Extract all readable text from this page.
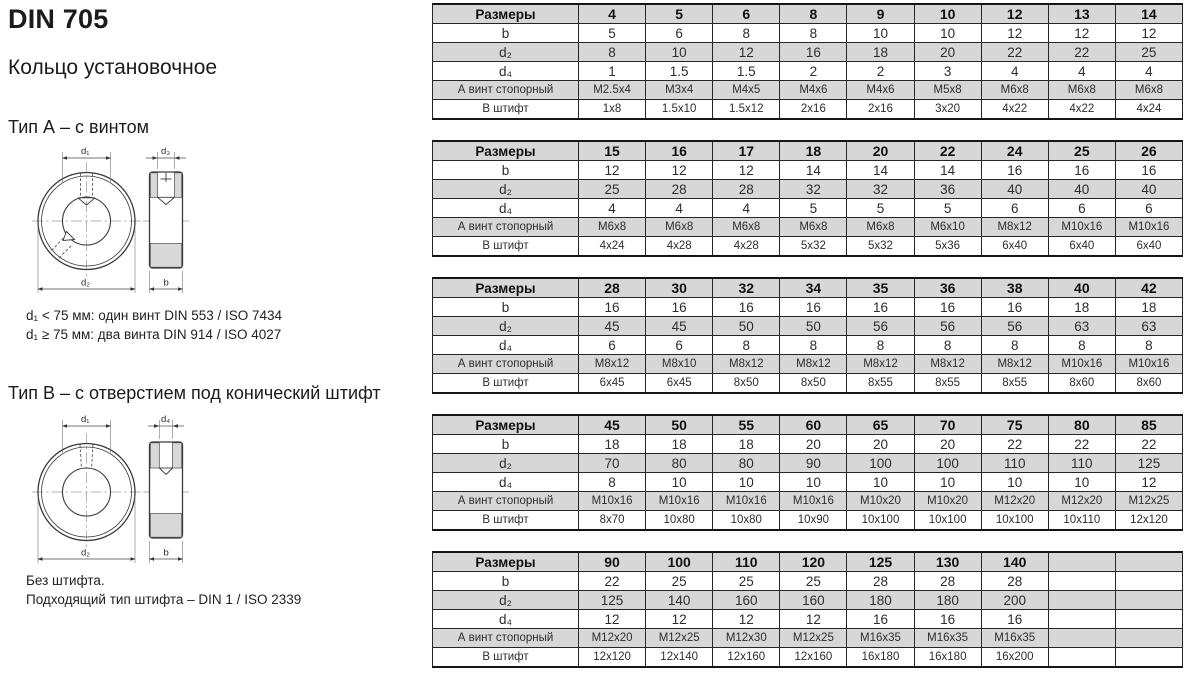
DIN 705
Кольцо установочное
Тип А – с винтом
d₁
d₂
d₃
b
d₁ < 75 мм: один винт DIN 553 / ISO 7434
d₁ ≥ 75 мм: два винта DIN 914 / ISO 4027
Тип B – с отверстием под конический штифт
d₁
d₂
d₄
b
Без штифта.
Подходящий тип штифта – DIN 1 / ISO 2339
Размеры	4	5	6	8	9	10	12	13	14
b	5	6	8	8	10	10	12	12	12
d₂	8	10	12	16	18	20	22	22	25
d₄	1	1.5	1.5	2	2	3	4	4	4
А винт стопорный	M2.5x4	M3x4	M4x5	M4x6	M4x6	M5x8	M6x8	M6x8	M6x8
В штифт	1x8	1.5x10	1.5x12	2x16	2x16	3x20	4x22	4x22	4x24
Размеры	15	16	17	18	20	22	24	25	26
b	12	12	12	14	14	14	16	16	16
d₂	25	28	28	32	32	36	40	40	40
d₄	4	4	4	5	5	5	6	6	6
А винт стопорный	M6x8	M6x8	M6x8	M6x8	M6x8	M6x10	M8x12	M10x16	M10x16
В штифт	4x24	4x28	4x28	5x32	5x32	5x36	6x40	6x40	6x40
Размеры	28	30	32	34	35	36	38	40	42
b	16	16	16	16	16	16	16	18	18
d₂	45	45	50	50	56	56	56	63	63
d₄	6	6	8	8	8	8	8	8	8
А винт стопорный	M8x12	M8x10	M8x12	M8x12	M8x12	M8x12	M8x12	M10x16	M10x16
В штифт	6x45	6x45	8x50	8x50	8x55	8x55	8x55	8x60	8x60
Размеры	45	50	55	60	65	70	75	80	85
b	18	18	18	20	20	20	22	22	22
d₂	70	80	80	90	100	100	110	110	125
d₄	8	10	10	10	10	10	10	10	12
А винт стопорный	M10x16	M10x16	M10x16	M10x16	M10x20	M10x20	M12x20	M12x20	M12x25
В штифт	8x70	10x80	10x80	10x90	10x100	10x100	10x100	10x110	12x120
Размеры	90	100	110	120	125	130	140		
b	22	25	25	25	28	28	28		
d₂	125	140	160	160	180	180	200		
d₄	12	12	12	12	16	16	16		
А винт стопорный	M12x20	M12x25	M12x30	M12x25	M16x35	M16x35	M16x35		
В штифт	12x120	12x140	12x160	12x160	16x180	16x180	16x200		
